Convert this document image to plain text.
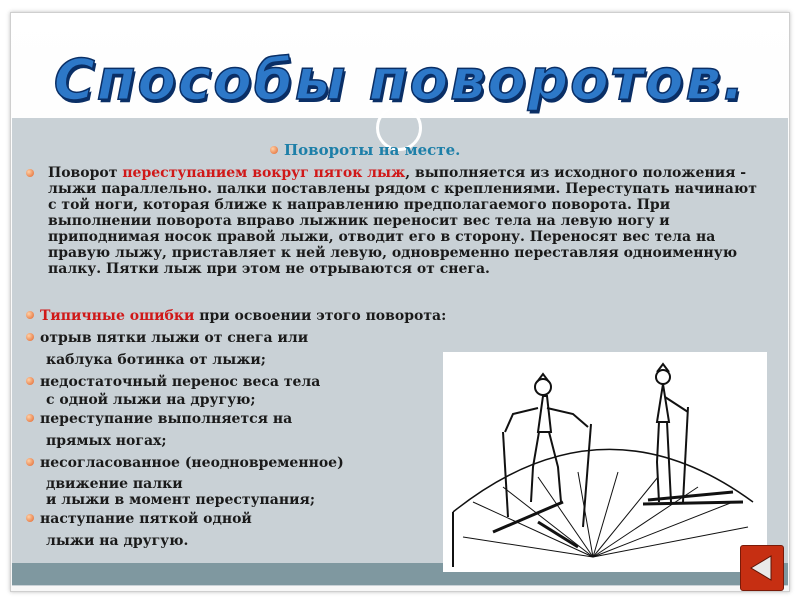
Способы поворотов.
Повороты на месте.
Поворот переступанием вокруг пяток лыж, выполняется из исходного положения - лыжи параллельно. палки поставлены рядом с креплениями. Переступать начинают с той ноги, которая ближе к направлению предполагаемого поворота. При выполнении поворота вправо лыжник переносит вес тела на левую ногу и приподнимая носок правой лыжи, отводит его в сторону. Переносят вес тела на правую лыжу, приставляет к ней левую, одновременно переставляя одноименную палку. Пятки лыж при этом не отрываются от снега.
Типичные ошибки при освоении этого поворота:
отрыв пятки лыжи от снега или
каблука ботинка от лыжи;
недостаточный перенос веса тела
с одной лыжи на другую;
переступание выполняется на
прямых ногах;
несогласованное (неодновременное)
движение палки
и лыжи в момент переступания;
наступание пяткой одной
лыжи на другую.
